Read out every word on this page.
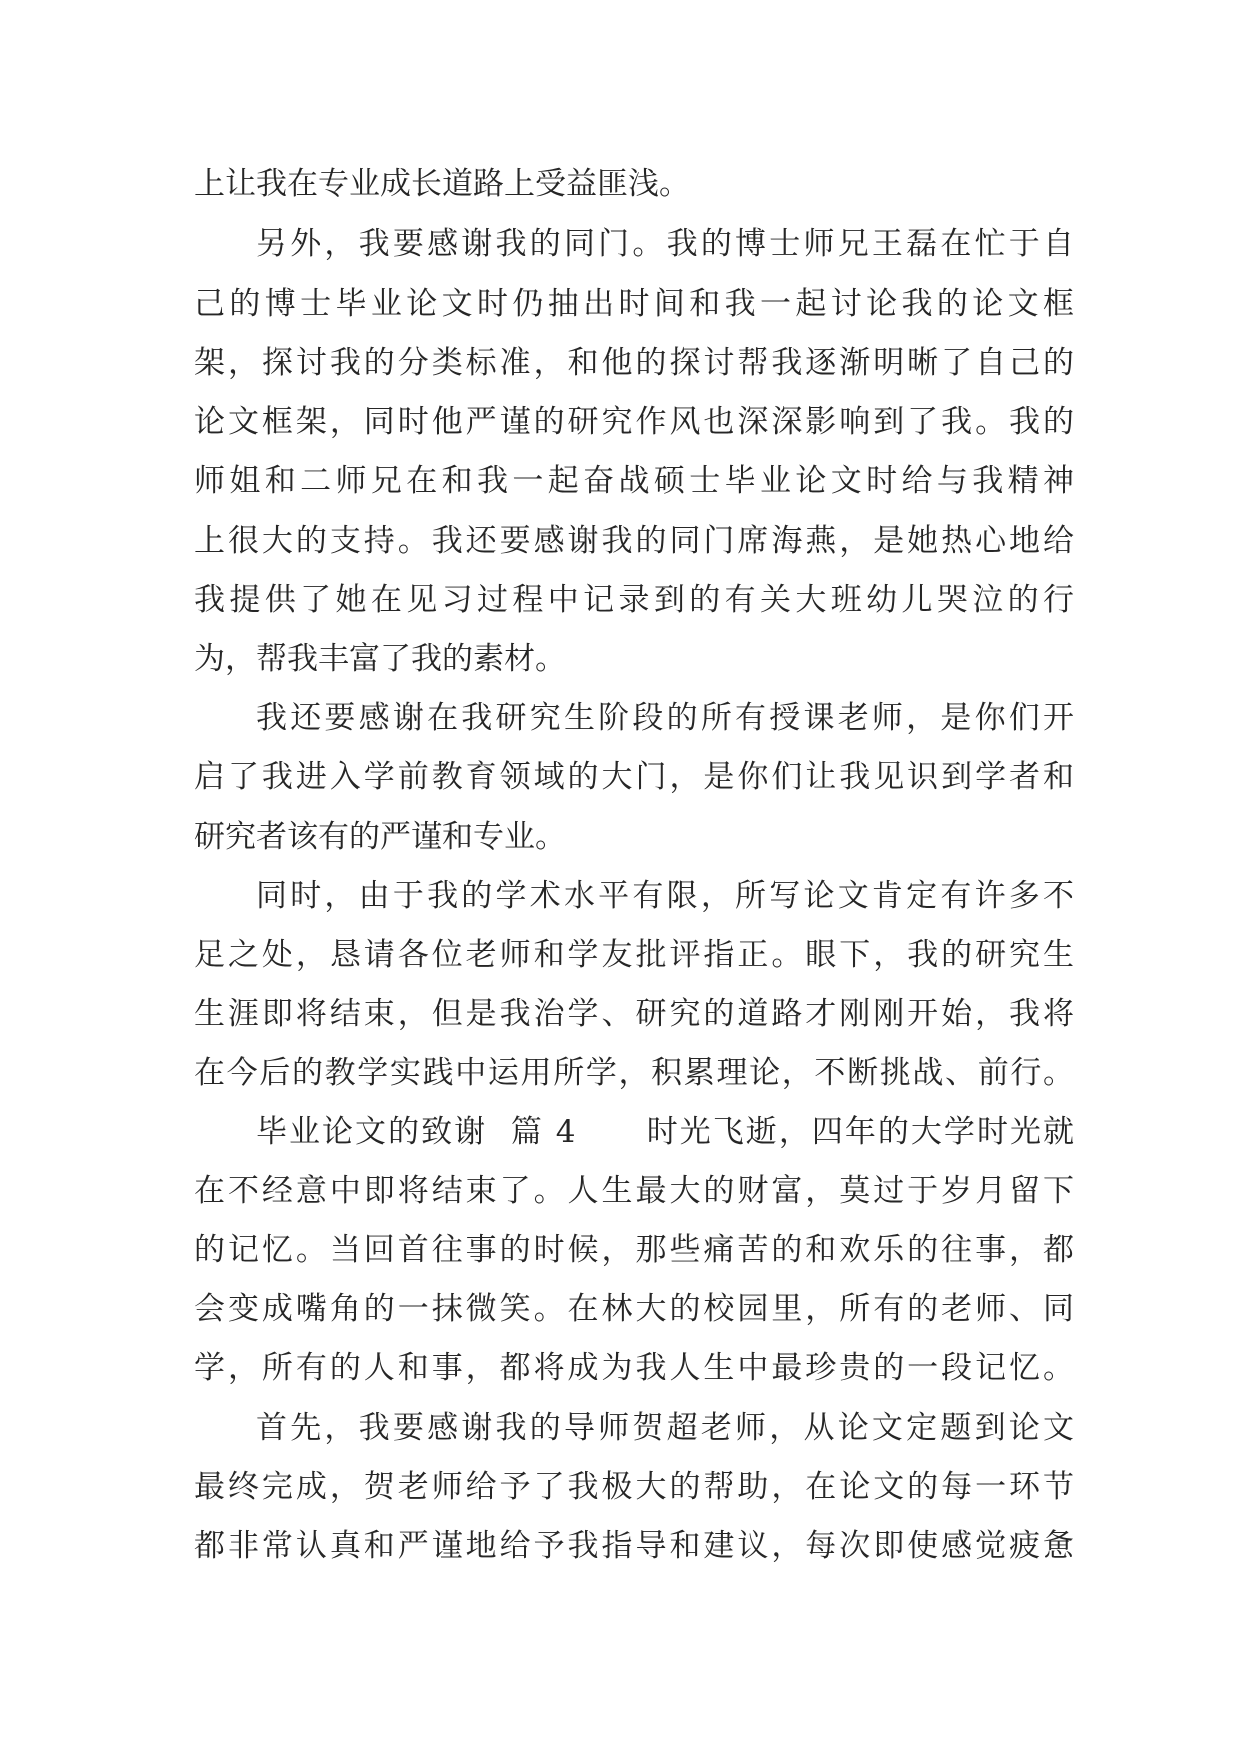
上让我在专业成长道路上受益匪浅。
另外，我要感谢我的同门。我的博士师兄王磊在忙于自
己的博士毕业论文时仍抽出时间和我一起讨论我的论文框
架，探讨我的分类标准，和他的探讨帮我逐渐明晰了自己的
论文框架，同时他严谨的研究作风也深深影响到了我。我的
师姐和二师兄在和我一起奋战硕士毕业论文时给与我精神
上很大的支持。我还要感谢我的同门席海燕，是她热心地给
我提供了她在见习过程中记录到的有关大班幼儿哭泣的行
为，帮我丰富了我的素材。
我还要感谢在我研究生阶段的所有授课老师，是你们开
启了我进入学前教育领域的大门，是你们让我见识到学者和
研究者该有的严谨和专业。
同时，由于我的学术水平有限，所写论文肯定有许多不
足之处，恳请各位老师和学友批评指正。眼下，我的研究生
生涯即将结束，但是我治学、研究的道路才刚刚开始，我将
在今后的教学实践中运用所学，积累理论，不断挑战、前行。
毕业论文的致谢  篇 4      时光飞逝，四年的大学时光就
在不经意中即将结束了。人生最大的财富，莫过于岁月留下
的记忆。当回首往事的时候，那些痛苦的和欢乐的往事，都
会变成嘴角的一抹微笑。在林大的校园里，所有的老师、同
学，所有的人和事，都将成为我人生中最珍贵的一段记忆。
首先，我要感谢我的导师贺超老师，从论文定题到论文
最终完成，贺老师给予了我极大的帮助，在论文的每一环节
都非常认真和严谨地给予我指导和建议，每次即使感觉疲惫
